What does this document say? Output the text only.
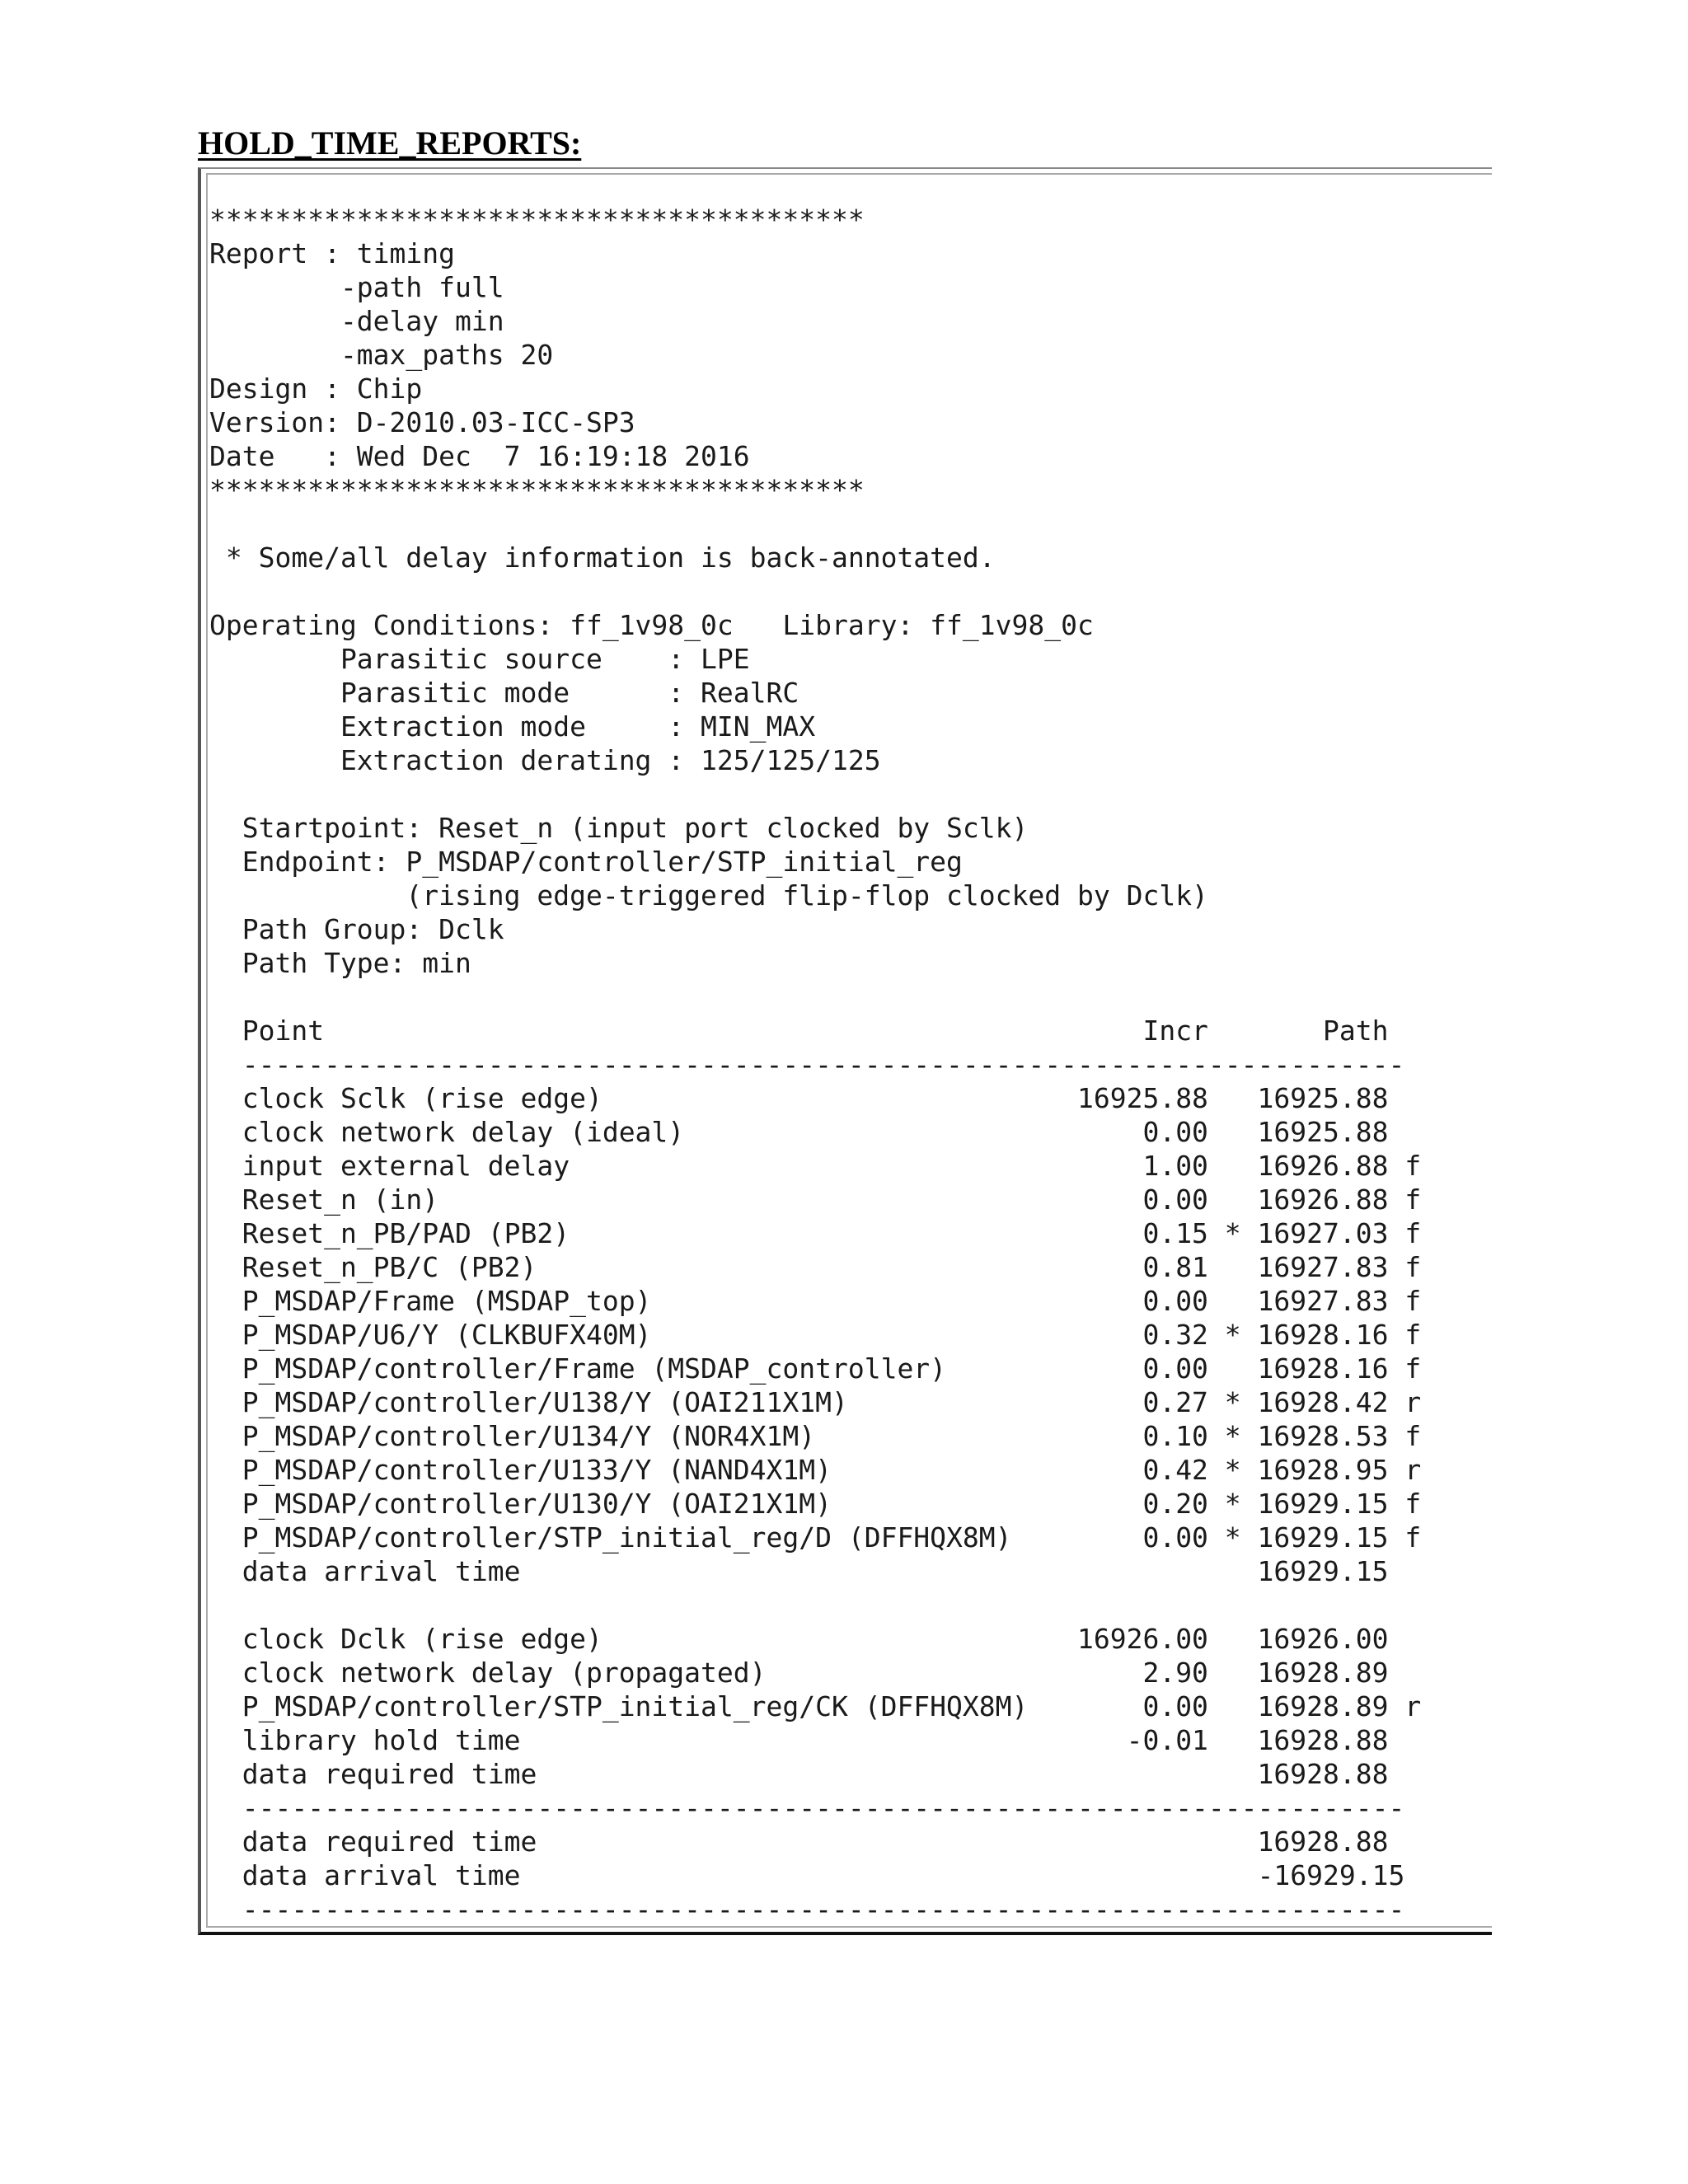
HOLD_TIME_REPORTS:
****************************************
Report : timing
-path full
-delay min
-max_paths 20
Design : Chip
Version: D-2010.03-ICC-SP3
Date   : Wed Dec  7 16:19:18 2016
****************************************
* Some/all delay information is back-annotated.
Operating Conditions: ff_1v98_0c   Library: ff_1v98_0c
Parasitic source    : LPE
Parasitic mode      : RealRC
Extraction mode     : MIN_MAX
Extraction derating : 125/125/125
Startpoint: Reset_n (input port clocked by Sclk)
Endpoint: P_MSDAP/controller/STP_initial_reg
(rising edge-triggered flip-flop clocked by Dclk)
Path Group: Dclk
Path Type: min
Point                                                  Incr       Path
-----------------------------------------------------------------------
clock Sclk (rise edge)                             16925.88   16925.88
clock network delay (ideal)                            0.00   16925.88
input external delay                                   1.00   16926.88 f
Reset_n (in)                                           0.00   16926.88 f
Reset_n_PB/PAD (PB2)                                   0.15 * 16927.03 f
Reset_n_PB/C (PB2)                                     0.81   16927.83 f
P_MSDAP/Frame (MSDAP_top)                              0.00   16927.83 f
P_MSDAP/U6/Y (CLKBUFX40M)                              0.32 * 16928.16 f
P_MSDAP/controller/Frame (MSDAP_controller)            0.00   16928.16 f
P_MSDAP/controller/U138/Y (OAI211X1M)                  0.27 * 16928.42 r
P_MSDAP/controller/U134/Y (NOR4X1M)                    0.10 * 16928.53 f
P_MSDAP/controller/U133/Y (NAND4X1M)                   0.42 * 16928.95 r
P_MSDAP/controller/U130/Y (OAI21X1M)                   0.20 * 16929.15 f
P_MSDAP/controller/STP_initial_reg/D (DFFHQX8M)        0.00 * 16929.15 f
data arrival time                                             16929.15
clock Dclk (rise edge)                             16926.00   16926.00
clock network delay (propagated)                       2.90   16928.89
P_MSDAP/controller/STP_initial_reg/CK (DFFHQX8M)       0.00   16928.89 r
library hold time                                     -0.01   16928.88
data required time                                            16928.88
-----------------------------------------------------------------------
data required time                                            16928.88
data arrival time                                             -16929.15
-----------------------------------------------------------------------
